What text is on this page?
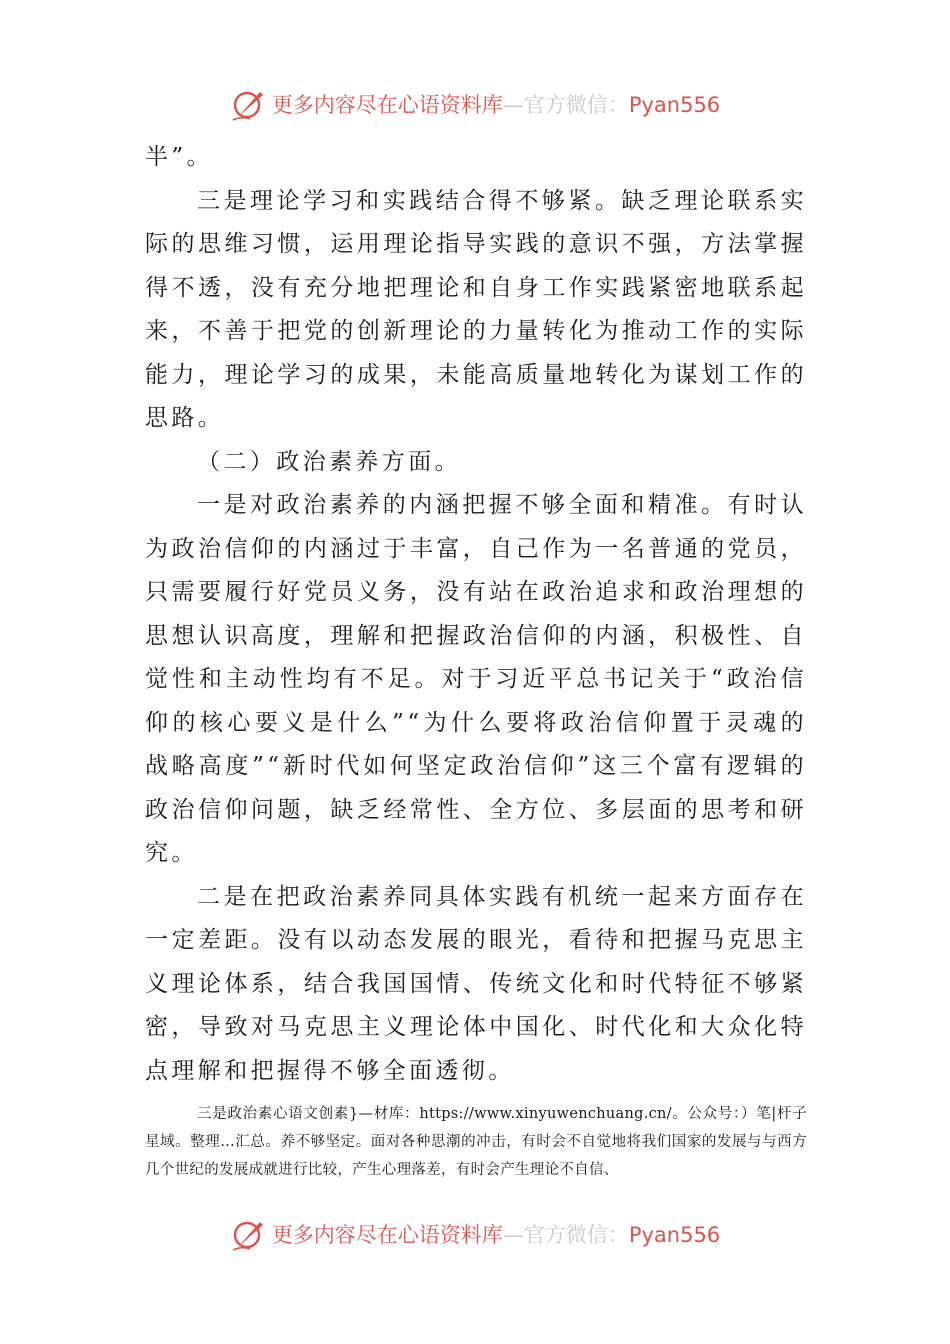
更多内容尽在心语资料库—官方微信：Pyan556

半”。

三是理论学习和实践结合得不够紧。缺乏理论联系实际的思维习惯，运用理论指导实践的意识不强，方法掌握得不透，没有充分地把理论和自身工作实践紧密地联系起来，不善于把党的创新理论的力量转化为推动工作的实际能力，理论学习的成果，未能高质量地转化为谋划工作的思路。

（二）政治素养方面。

一是对政治素养的内涵把握不够全面和精准。有时认为政治信仰的内涵过于丰富，自己作为一名普通的党员，只需要履行好党员义务，没有站在政治追求和政治理想的思想认识高度，理解和把握政治信仰的内涵，积极性、自觉性和主动性均有不足。对于习近平总书记关于“政治信仰的核心要义是什么”“为什么要将政治信仰置于灵魂的战略高度”“新时代如何坚定政治信仰”这三个富有逻辑的政治信仰问题，缺乏经常性、全方位、多层面的思考和研究。

二是在把政治素养同具体实践有机统一起来方面存在一定差距。没有以动态发展的眼光，看待和把握马克思主义理论体系，结合我国国情、传统文化和时代特征不够紧密，导致对马克思主义理论体中国化、时代化和大众化特点理解和把握得不够全面透彻。

三是政治素心语文创素}—材库：https://www.xinyuwenchuang.cn/。公众号：）笔|杆子星域。整理…汇总。养不够坚定。面对各种思潮的冲击，有时会不自觉地将我们国家的发展与与西方几个世纪的发展成就进行比较，产生心理落差，有时会产生理论不自信、
更多内容尽在心语资料库—官方微信：Pyan556
